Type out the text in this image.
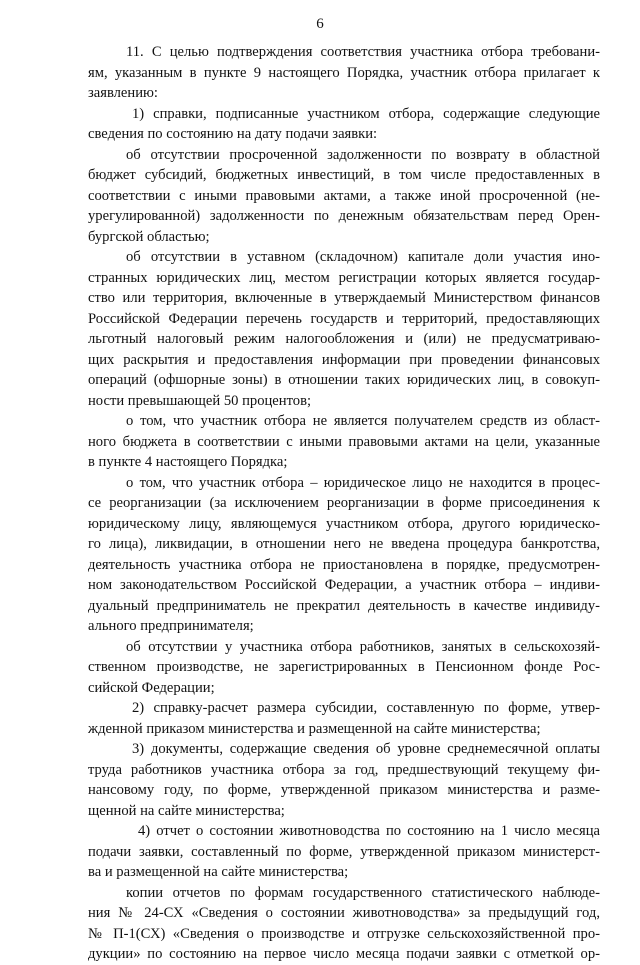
6
11. С целью подтверждения соответствия участника отбора требовани-
ям, указанным в пункте 9 настоящего Порядка, участник отбора прилагает к
заявлению:
1) справки, подписанные участником отбора, содержащие следующие
сведения по состоянию на дату подачи заявки:
об отсутствии просроченной задолженности по возврату в областной
бюджет субсидий, бюджетных инвестиций, в том числе предоставленных в
соответствии с иными правовыми актами, а также иной просроченной (не-
урегулированной) задолженности по денежным обязательствам перед Орен-
бургской областью;
об отсутствии в уставном (складочном) капитале доли участия ино-
странных юридических лиц, местом регистрации которых является государ-
ство или территория, включенные в утверждаемый Министерством финансов
Российской Федерации перечень государств и территорий, предоставляющих
льготный налоговый режим налогообложения и (или) не предусматриваю-
щих раскрытия и предоставления информации при проведении финансовых
операций (офшорные зоны) в отношении таких юридических лиц, в совокуп-
ности превышающей 50 процентов;
о том, что участник отбора не является получателем средств из област-
ного бюджета в соответствии с иными правовыми актами на цели, указанные
в пункте 4 настоящего Порядка;
о том, что участник отбора – юридическое лицо не находится в процес-
се реорганизации (за исключением реорганизации в форме присоединения к
юридическому лицу, являющемуся участником отбора, другого юридическо-
го лица), ликвидации, в отношении него не введена процедура банкротства,
деятельность участника отбора не приостановлена в порядке, предусмотрен-
ном законодательством Российской Федерации, а участник отбора – индиви-
дуальный предприниматель не прекратил деятельность в качестве индивиду-
ального предпринимателя;
об отсутствии у участника отбора работников, занятых в сельскохозяй-
ственном производстве, не зарегистрированных в Пенсионном фонде Рос-
сийской Федерации;
2) справку-расчет размера субсидии, составленную по форме, утвер-
жденной приказом министерства и размещенной на сайте министерства;
3) документы, содержащие сведения об уровне среднемесячной оплаты
труда работников участника отбора за год, предшествующий текущему фи-
нансовому году, по форме, утвержденной приказом министерства и разме-
щенной на сайте министерства;
4) отчет о состоянии животноводства по состоянию на 1 число месяца
подачи заявки, составленный по форме, утвержденной приказом министерст-
ва и размещенной на сайте министерства;
копии отчетов по формам государственного статистического наблюде-
ния № 24-СХ «Сведения о состоянии животноводства» за предыдущий год,
№ П-1(СХ) «Сведения о производстве и отгрузке сельскохозяйственной про-
дукции» по состоянию на первое число месяца подачи заявки с отметкой ор-
